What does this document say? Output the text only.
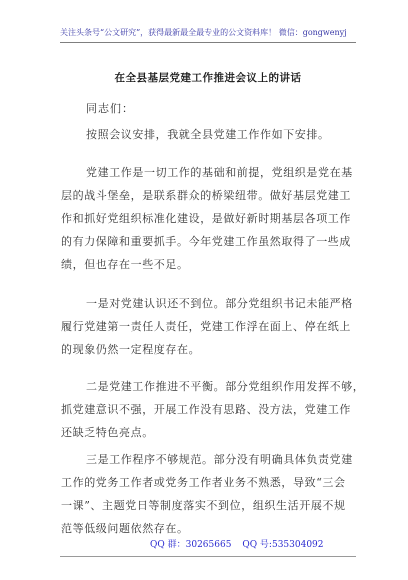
关注头条号“公文研究”，获得最新最全最专业的公文资料库！ 微信：gongwenyj
在全县基层党建工作推进会议上的讲话
同志们：
按照会议安排，我就全县党建工作作如下安排。
党建工作是一切工作的基础和前提，党组织是党在基
层的战斗堡垒，是联系群众的桥梁纽带。做好基层党建工
作和抓好党组织标准化建设，是做好新时期基层各项工作
的有力保障和重要抓手。今年党建工作虽然取得了一些成
绩，但也存在一些不足。
一是对党建认识还不到位。部分党组织书记未能严格
履行党建第一责任人责任，党建工作浮在面上、停在纸上
的现象仍然一定程度存在。
二是党建工作推进不平衡。部分党组织作用发挥不够，
抓党建意识不强，开展工作没有思路、没方法，党建工作
还缺乏特色亮点。
三是工作程序不够规范。部分没有明确具体负责党建
工作的党务工作者或党务工作者业务不熟悉，导致“三会
一课”、主题党日等制度落实不到位，组织生活开展不规
范等低级问题依然存在。
QQ 群：30265665 QQ 号:535304092
